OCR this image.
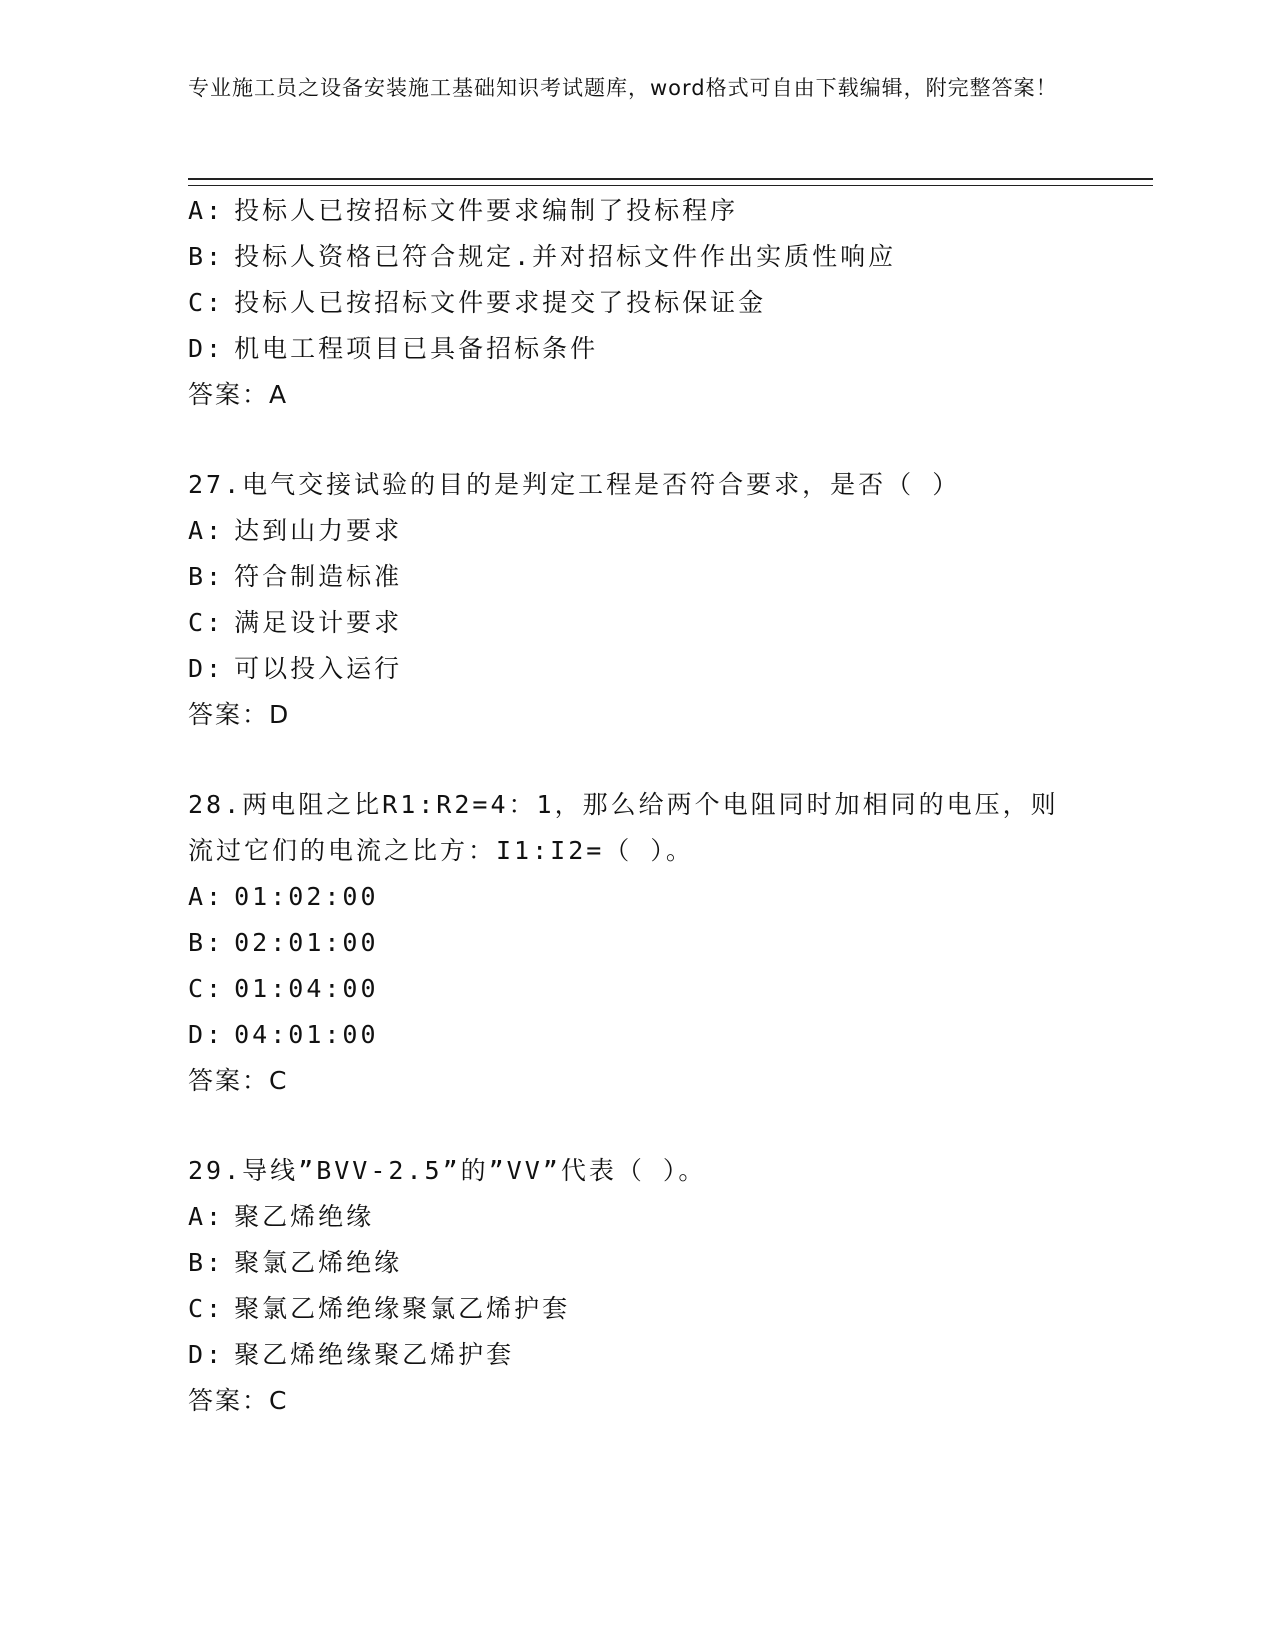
专业施工员之设备安装施工基础知识考试题库，word格式可自由下载编辑，附完整答案！
A: 投标人已按招标文件要求编制了投标程序
B: 投标人资格已符合规定.并对招标文件作出实质性响应
C: 投标人已按招标文件要求提交了投标保证金
D: 机电工程项目已具备招标条件
答案：A
27.电气交接试验的目的是判定工程是否符合要求，是否（ ）
A: 达到山力要求
B: 符合制造标准
C: 满足设计要求
D: 可以投入运行
答案：D
28.两电阻之比R1:R2=4：1，那么给两个电阻同时加相同的电压，则流过它们的电流之比方：I1:I2=（ ）。
A: 01:02:00
B: 02:01:00
C: 01:04:00
D: 04:01:00
答案：C
29.导线”BVV-2.5”的”VV”代表（ ）。
A: 聚乙烯绝缘
B: 聚氯乙烯绝缘
C: 聚氯乙烯绝缘聚氯乙烯护套
D: 聚乙烯绝缘聚乙烯护套
答案：C
